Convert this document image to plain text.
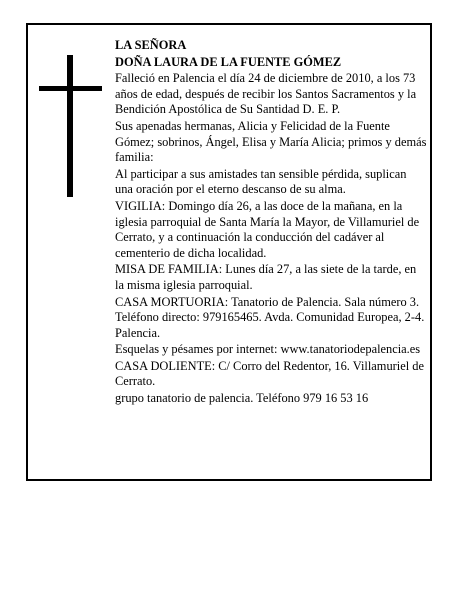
LA SEÑORA

DOÑA LAURA DE LA FUENTE GÓMEZ

Falleció en Palencia el día 24 de diciembre de 2010, a los 73 años de edad, después de recibir los Santos Sacramentos y la Bendición Apostólica de Su Santidad D. E. P.

Sus apenadas hermanas, Alicia y Felicidad de la Fuente Gómez; sobrinos, Ángel, Elisa y María Alicia; primos y demás familia:

Al participar a sus amistades tan sensible pérdida, suplican una oración por el eterno descanso de su alma.

VIGILIA: Domingo día 26, a las doce de la mañana, en la iglesia parroquial de Santa María la Mayor, de Villamuriel de Cerrato, y a continuación la conducción del cadáver al cementerio de dicha localidad.

MISA DE FAMILIA: Lunes día 27, a las siete de la tarde, en la misma iglesia parroquial.

CASA MORTUORIA: Tanatorio de Palencia. Sala número 3. Teléfono directo: 979165465. Avda. Comunidad Europea, 2-4. Palencia.

Esquelas y pésames por internet: www.tanatoriodepalencia.es

CASA DOLIENTE: C/ Corro del Redentor, 16. Villamuriel de Cerrato.

grupo tanatorio de palencia. Teléfono 979 16 53 16
